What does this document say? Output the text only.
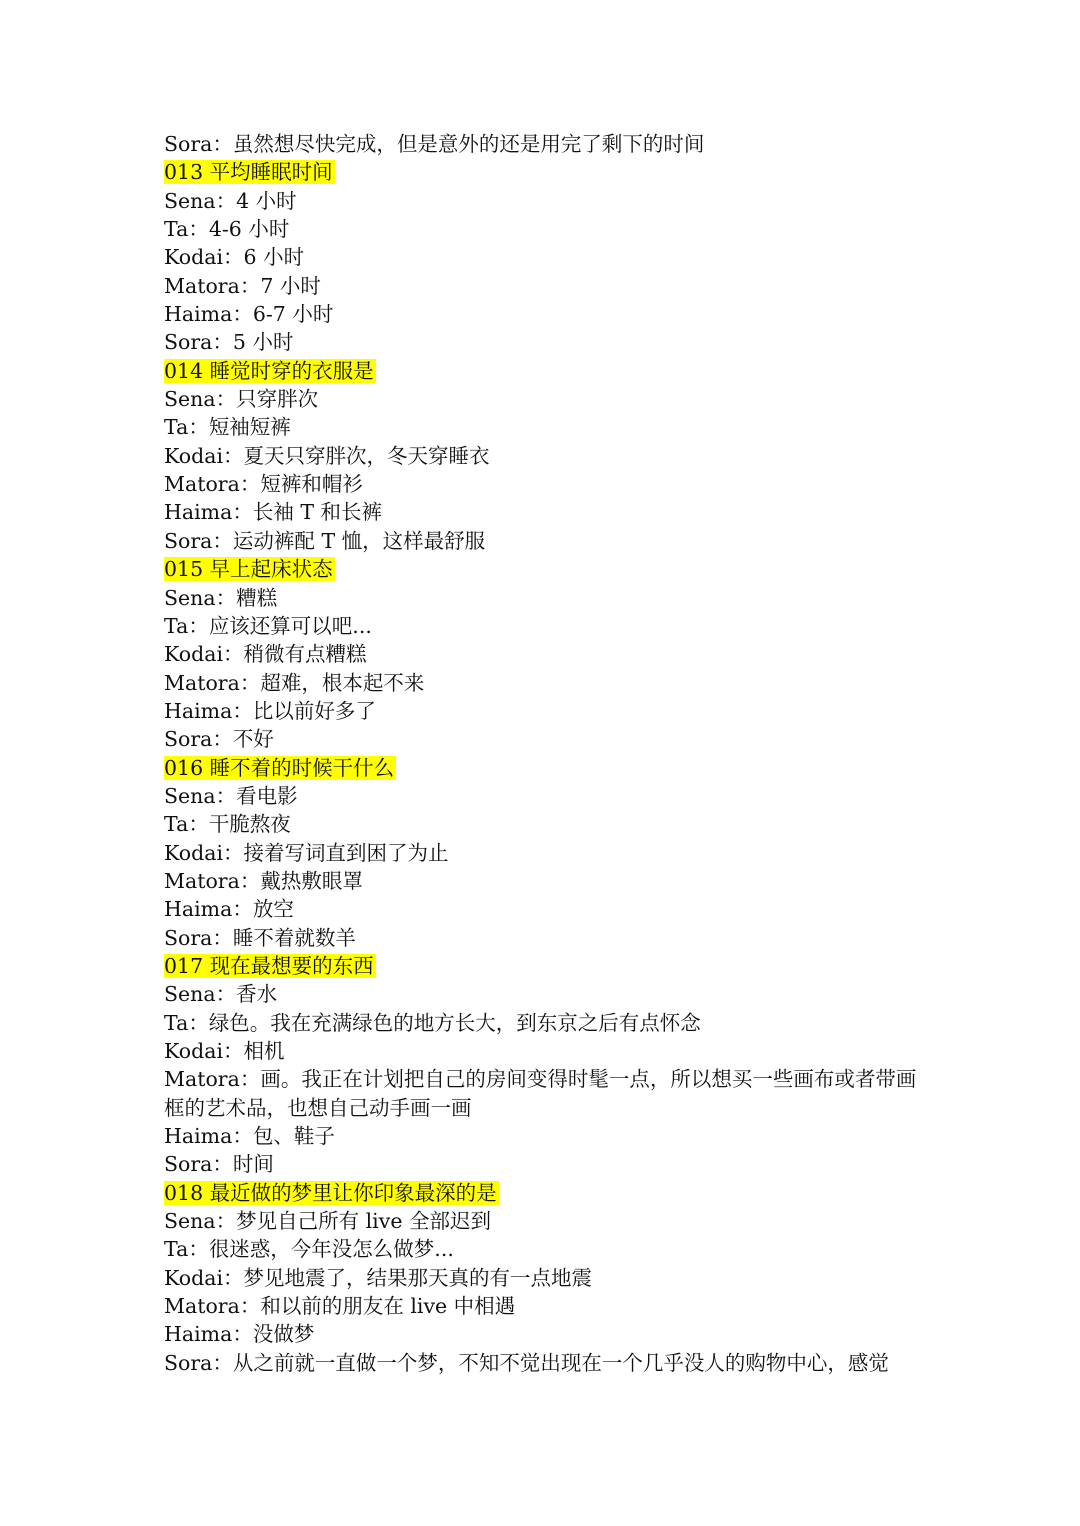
Sora：虽然想尽快完成，但是意外的还是用完了剩下的时间
013 平均睡眠时间
Sena：4 小时
Ta：4-6 小时
Kodai：6 小时
Matora：7 小时
Haima：6-7 小时
Sora：5 小时
014 睡觉时穿的衣服是
Sena：只穿胖次
Ta：短袖短裤
Kodai：夏天只穿胖次，冬天穿睡衣
Matora：短裤和帽衫
Haima：长袖 T 和长裤
Sora：运动裤配 T 恤，这样最舒服
015 早上起床状态
Sena：糟糕
Ta：应该还算可以吧...
Kodai：稍微有点糟糕
Matora：超难，根本起不来
Haima：比以前好多了
Sora：不好
016 睡不着的时候干什么
Sena：看电影
Ta：干脆熬夜
Kodai：接着写词直到困了为止
Matora：戴热敷眼罩
Haima：放空
Sora：睡不着就数羊
017 现在最想要的东西
Sena：香水
Ta：绿色。我在充满绿色的地方长大，到东京之后有点怀念
Kodai：相机
Matora：画。我正在计划把自己的房间变得时髦一点，所以想买一些画布或者带画框的艺术品，也想自己动手画一画
Haima：包、鞋子
Sora：时间
018 最近做的梦里让你印象最深的是
Sena：梦见自己所有 live 全部迟到
Ta：很迷惑，今年没怎么做梦...
Kodai：梦见地震了，结果那天真的有一点地震
Matora：和以前的朋友在 live 中相遇
Haima：没做梦
Sora：从之前就一直做一个梦，不知不觉出现在一个几乎没人的购物中心，感觉
